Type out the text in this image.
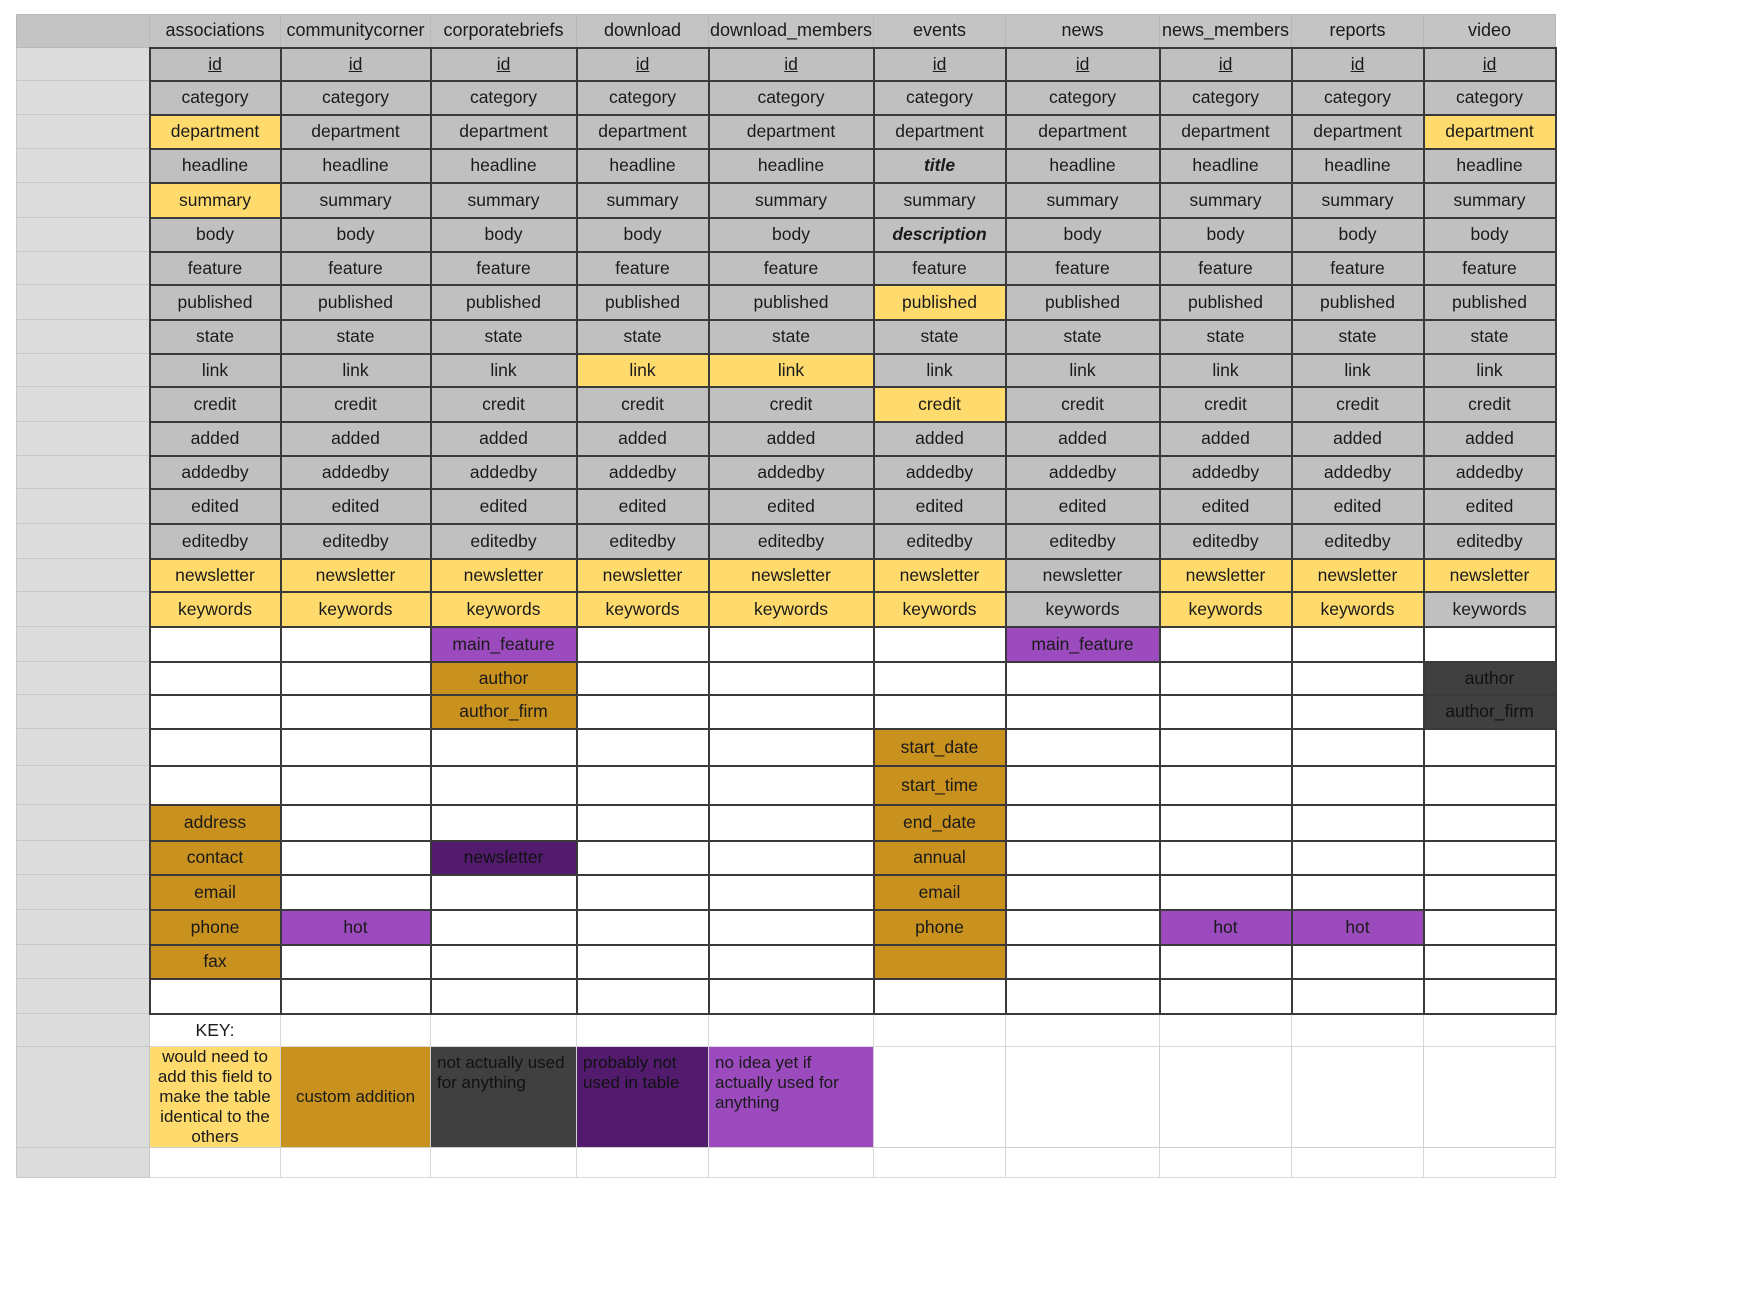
	associations	communitycorner	corporatebriefs	download	download_members	events	news	news_members	reports	video
	id	id	id	id	id	id	id	id	id	id
	category	category	category	category	category	category	category	category	category	category
	department	department	department	department	department	department	department	department	department	department
	headline	headline	headline	headline	headline	title	headline	headline	headline	headline
	summary	summary	summary	summary	summary	summary	summary	summary	summary	summary
	body	body	body	body	body	description	body	body	body	body
	feature	feature	feature	feature	feature	feature	feature	feature	feature	feature
	published	published	published	published	published	published	published	published	published	published
	state	state	state	state	state	state	state	state	state	state
	link	link	link	link	link	link	link	link	link	link
	credit	credit	credit	credit	credit	credit	credit	credit	credit	credit
	added	added	added	added	added	added	added	added	added	added
	addedby	addedby	addedby	addedby	addedby	addedby	addedby	addedby	addedby	addedby
	edited	edited	edited	edited	edited	edited	edited	edited	edited	edited
	editedby	editedby	editedby	editedby	editedby	editedby	editedby	editedby	editedby	editedby
	newsletter	newsletter	newsletter	newsletter	newsletter	newsletter	newsletter	newsletter	newsletter	newsletter
	keywords	keywords	keywords	keywords	keywords	keywords	keywords	keywords	keywords	keywords
			main_feature				main_feature			
			author							author
			author_firm							author_firm
						start_date				
						start_time				
	address					end_date				
	contact		newsletter			annual				
	email					email				
	phone	hot				phone		hot	hot	
	fax									

	KEY:									
	would need to add this field to make the table identical to the others	custom addition	not actually used for anything	probably not used in table	no idea yet if actually used for anything					
